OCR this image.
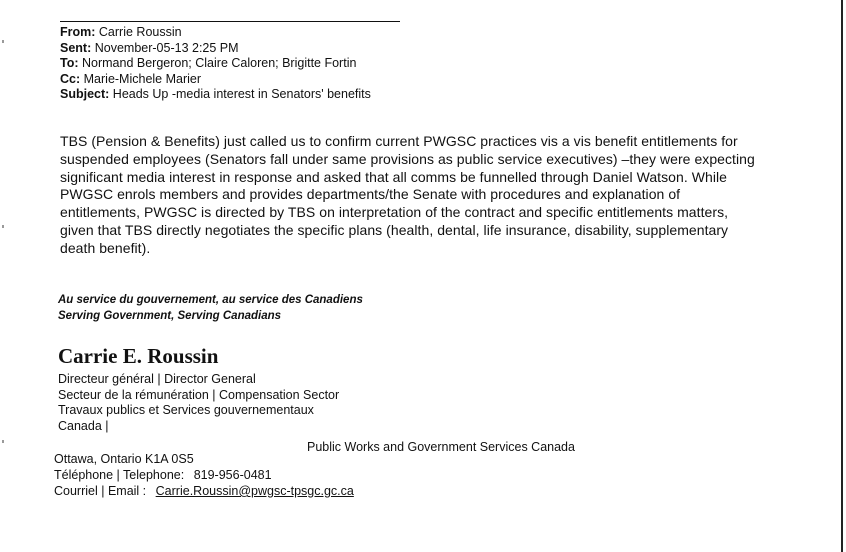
From: Carrie Roussin
Sent: November-05-13 2:25 PM
To: Normand Bergeron; Claire Caloren; Brigitte Fortin
Cc: Marie-Michele Marier
Subject: Heads Up -media interest in Senators' benefits
TBS (Pension & Benefits) just called us to confirm current PWGSC practices vis a vis benefit entitlements for
suspended employees (Senators fall under same provisions as public service executives) –they were expecting
significant media interest in response and asked that all comms be funnelled through Daniel Watson. While
PWGSC enrols members and provides departments/the Senate with procedures and explanation of
entitlements, PWGSC is directed by TBS on interpretation of the contract and specific entitlements matters,
given that TBS directly negotiates the specific plans (health, dental, life insurance, disability, supplementary
death benefit).
Au service du gouvernement, au service des Canadiens
Serving Government, Serving Canadians
Carrie E. Roussin
Directeur général | Director General
Secteur de la rémunération | Compensation Sector
Travaux publics et Services gouvernementaux
Canada |
Public Works and Government Services Canada
Ottawa, Ontario K1A 0S5
Téléphone | Telephone: 819-956-0481
Courriel | Email : Carrie.Roussin@pwgsc-tpsgc.gc.ca
